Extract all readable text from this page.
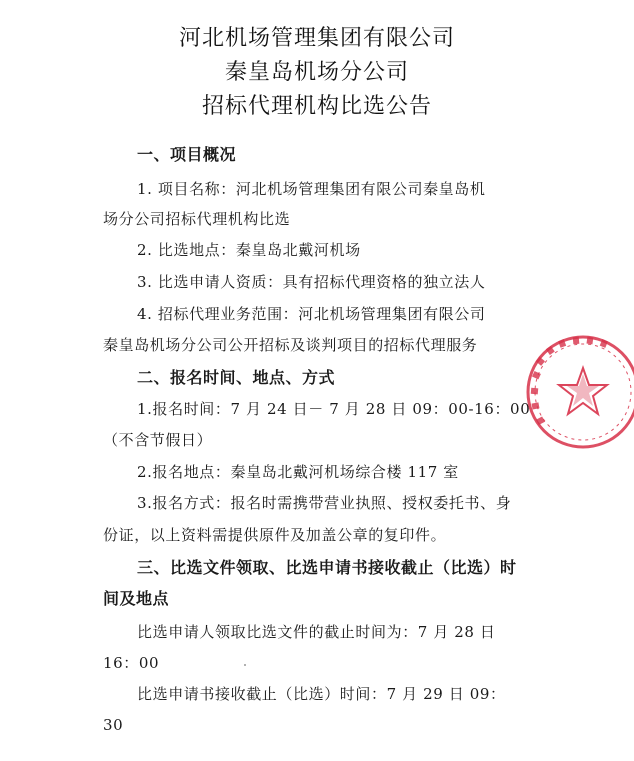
河北机场管理集团有限公司
秦皇岛机场分公司
招标代理机构比选公告
一、项目概况
1. 项目名称：河北机场管理集团有限公司秦皇岛机
场分公司招标代理机构比选
2. 比选地点：秦皇岛北戴河机场
3. 比选申请人资质：具有招标代理资格的独立法人
4. 招标代理业务范围：河北机场管理集团有限公司
秦皇岛机场分公司公开招标及谈判项目的招标代理服务
二、报名时间、地点、方式
1.报名时间：7 月 24 日－ 7 月 28 日 09：00-16：00
（不含节假日）
2.报名地点：秦皇岛北戴河机场综合楼 117 室
3.报名方式：报名时需携带营业执照、授权委托书、身
份证，以上资料需提供原件及加盖公章的复印件。
三、比选文件领取、比选申请书接收截止（比选）时
间及地点
比选申请人领取比选文件的截止时间为：7 月 28 日
16：00
比选申请书接收截止（比选）时间：7 月 29 日 09：
30
